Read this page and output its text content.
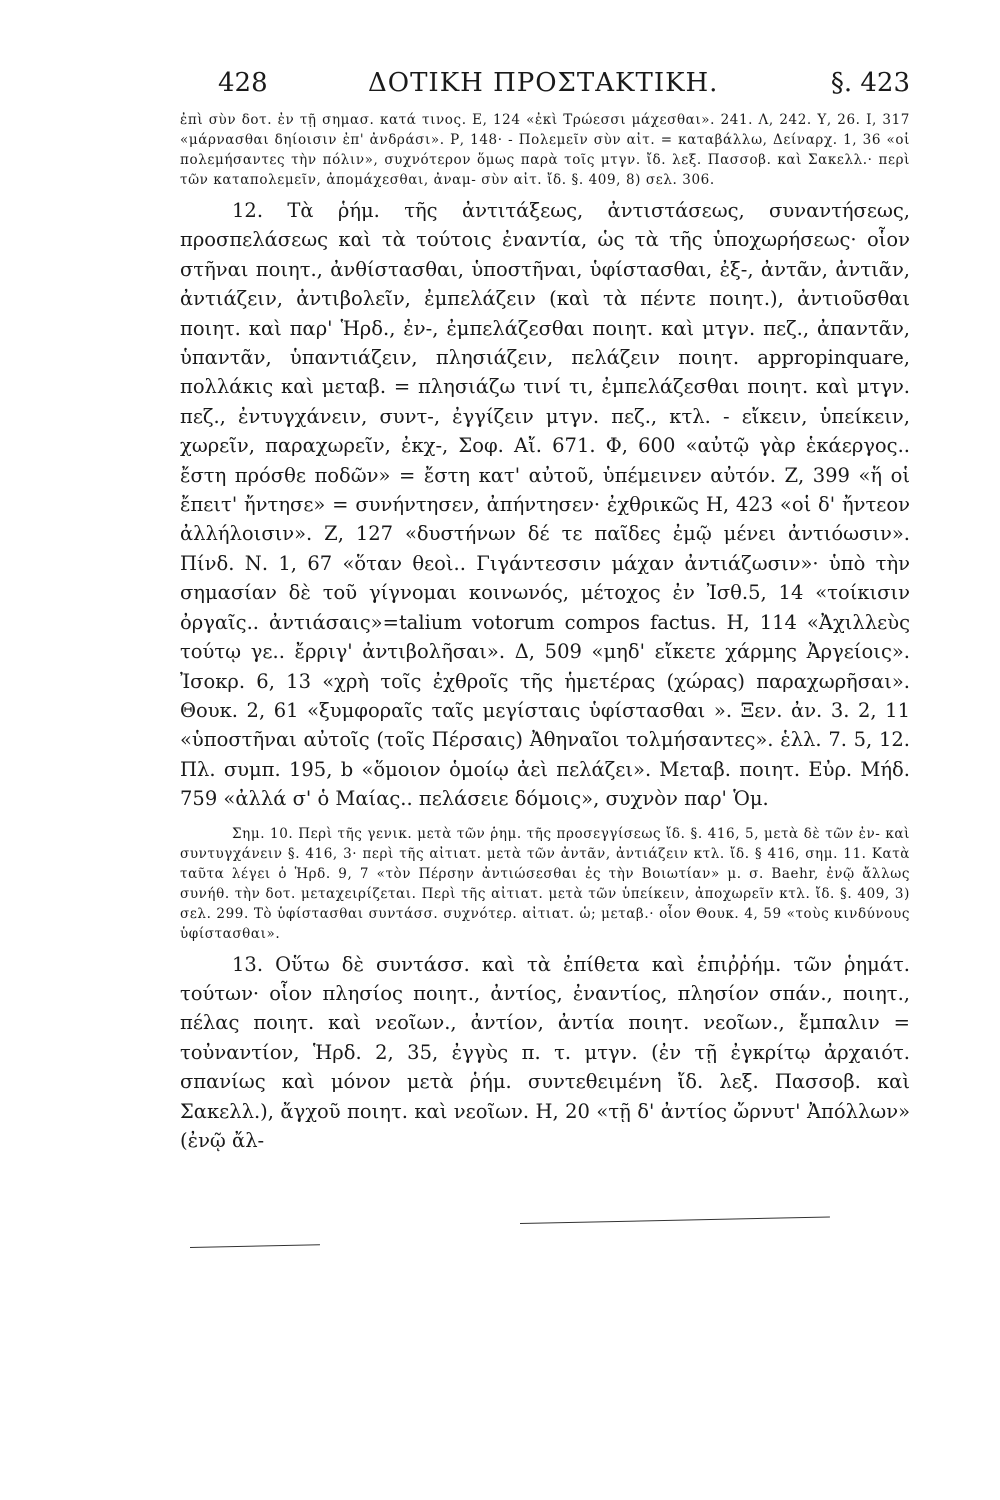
428	ΔΟΤΙΚΗ ΠΡΟΣΤΑΚΤΙΚΗ.	§. 423

ἐπὶ σὺν δοτ. ἐν τῇ σημασ. κατά τινος. Ε, 124 «ἐκὶ Τρώεσσι μάχεσθαι». 241. Λ, 242. Υ, 26. Ι, 317 «μάρνασθαι δηίοισιν ἐπ' ἀνδράσι». Ρ, 148· - Πολεμεῖν σὺν αἰτ. = καταβάλλω, Δείναρχ. 1, 36 «οἱ πολεμήσαντες τὴν πόλιν», συχνότερον ὅμως παρὰ τοῖς μτγν. ἴδ. λεξ. Πασσοβ. καὶ Σακελλ.· περὶ τῶν καταπολεμεῖν, ἀπομάχεσθαι, ἀναμ- σὺν αἰτ. ἴδ. §. 409, 8) σελ. 306.

12. Τὰ ῥήμ. τῆς ἀντιτάξεως, ἀντιστάσεως, συναντήσεως, προσπελάσεως καὶ τὰ τούτοις ἐναντία, ὡς τὰ τῆς ὑποχωρήσεως· οἷον στῆναι ποιητ., ἀνθίστασθαι, ὑποστῆναι, ὑφίστασθαι, ἐξ-, ἀντᾶν, ἀντιᾶν, ἀντιάζειν, ἀντιβολεῖν, ἐμπελάζειν (καὶ τὰ πέντε ποιητ.), ἀντιοῦσθαι ποιητ. καὶ παρ' Ἡρδ., ἐν-, ἐμπελάζεσθαι ποιητ. καὶ μτγν. πεζ., ἀπαντᾶν, ὑπαντᾶν, ὑπαντιάζειν, πλησιάζειν, πελάζειν ποιητ. appropinquare, πολλάκις καὶ μεταβ. = πλησιάζω τινί τι, ἐμπελάζεσθαι ποιητ. καὶ μτγν. πεζ., ἐντυγχάνειν, συντ-, ἐγγίζειν μτγν. πεζ., κτλ. - εἴκειν, ὑπείκειν, χωρεῖν, παραχωρεῖν, ἐκχ-, Σοφ. Αἴ. 671. Φ, 600 «αὐτῷ γὰρ ἑκάεργος.. ἔστη πρόσθε ποδῶν» = ἔστη κατ' αὐτοῦ, ὑπέμεινεν αὐτόν. Ζ, 399 «ἥ οἱ ἔπειτ' ἤντησε» = συνήντησεν, ἀπήντησεν· ἐχθρικῶς Η, 423 «οἱ δ' ἤντεον ἀλλήλοισιν». Ζ, 127 «δυστήνων δέ τε παῖδες ἐμῷ μένει ἀντιόωσιν». Πίνδ. Ν. 1, 67 «ὅταν θεοὶ.. Γιγάντεσσιν μάχαν ἀντιάζωσιν»· ὑπὸ τὴν σημασίαν δὲ τοῦ γίγνομαι κοινωνός, μέτοχος ἐν Ἰσθ.5, 14 «τοίκισιν ὀργαῖς.. ἀντιάσαις»=talium votorum compos factus. Η, 114 «Ἀχιλλεὺς τούτῳ γε.. ἔρριγ' ἀντιβολῆσαι». Δ, 509 «μηδ' εἴκετε χάρμης Ἀργείοις». Ἰσοκρ. 6, 13 «χρὴ τοῖς ἐχθροῖς τῆς ἡμετέρας (χώρας) παραχωρῆσαι». Θουκ. 2, 61 «ξυμφοραῖς ταῖς μεγίσταις ὑφίστασθαι ». Ξεν. ἀν. 3. 2, 11 «ὑποστῆναι αὐτοῖς (τοῖς Πέρσαις) Ἀθηναῖοι τολμήσαντες». ἑλλ. 7. 5, 12. Πλ. συμπ. 195, b «ὅμοιον ὁμοίῳ ἀεὶ πελάζει». Μεταβ. ποιητ. Εὐρ. Μήδ. 759 «ἀλλά σ' ὁ Μαίας.. πελάσειε δόμοις», συχνὸν παρ' Ὁμ.

Σημ. 10. Περὶ τῆς γενικ. μετὰ τῶν ῥημ. τῆς προσεγγίσεως ἴδ. §. 416, 5, μετὰ δὲ τῶν ἐν- καὶ συντυγχάνειν §. 416, 3· περὶ τῆς αἰτιατ. μετὰ τῶν ἀντᾶν, ἀντιάζειν κτλ. ἴδ. § 416, σημ. 11. Κατὰ ταῦτα λέγει ὁ Ἡρδ. 9, 7 «τὸν Πέρσην ἀντιώσεσθαι ἐς τὴν Βοιωτίαν» μ. σ. Baehr, ἐνῷ ἄλλως συνήθ. τὴν δοτ. μεταχειρίζεται. Περὶ τῆς αἰτιατ. μετὰ τῶν ὑπείκειν, ἀποχωρεῖν κτλ. ἴδ. §. 409, 3) σελ. 299. Τὸ ὑφίστασθαι συντάσσ. συχνότερ. αἰτιατ. ὡ; μεταβ.· οἷον Θουκ. 4, 59 «τοὺς κινδύνους ὑφίστασθαι».

13. Οὕτω δὲ συντάσσ. καὶ τὰ ἐπίθετα καὶ ἐπιῤῥήμ. τῶν ῥημάτ. τούτων· οἷον πλησίος ποιητ., ἀντίος, ἐναντίος, πλησίον σπάν., ποιητ., πέλας ποιητ. καὶ νεοῖων., ἀντίον, ἀντία ποιητ. νεοῖων., ἔμπαλιν = τοὐναντίον, Ἡρδ. 2, 35, ἐγγὺς π. τ. μτγν. (ἐν τῇ ἐγκρίτῳ ἀρχαιότ. σπανίως καὶ μόνον μετὰ ῥήμ. συντεθειμένη ἴδ. λεξ. Πασσοβ. καὶ Σακελλ.), ἄγχοῦ ποιητ. καὶ νεοῖων. Η, 20 «τῇ δ' ἀντίος ὤρνυτ' Ἀπόλλων» (ἐνῷ ἄλ-
